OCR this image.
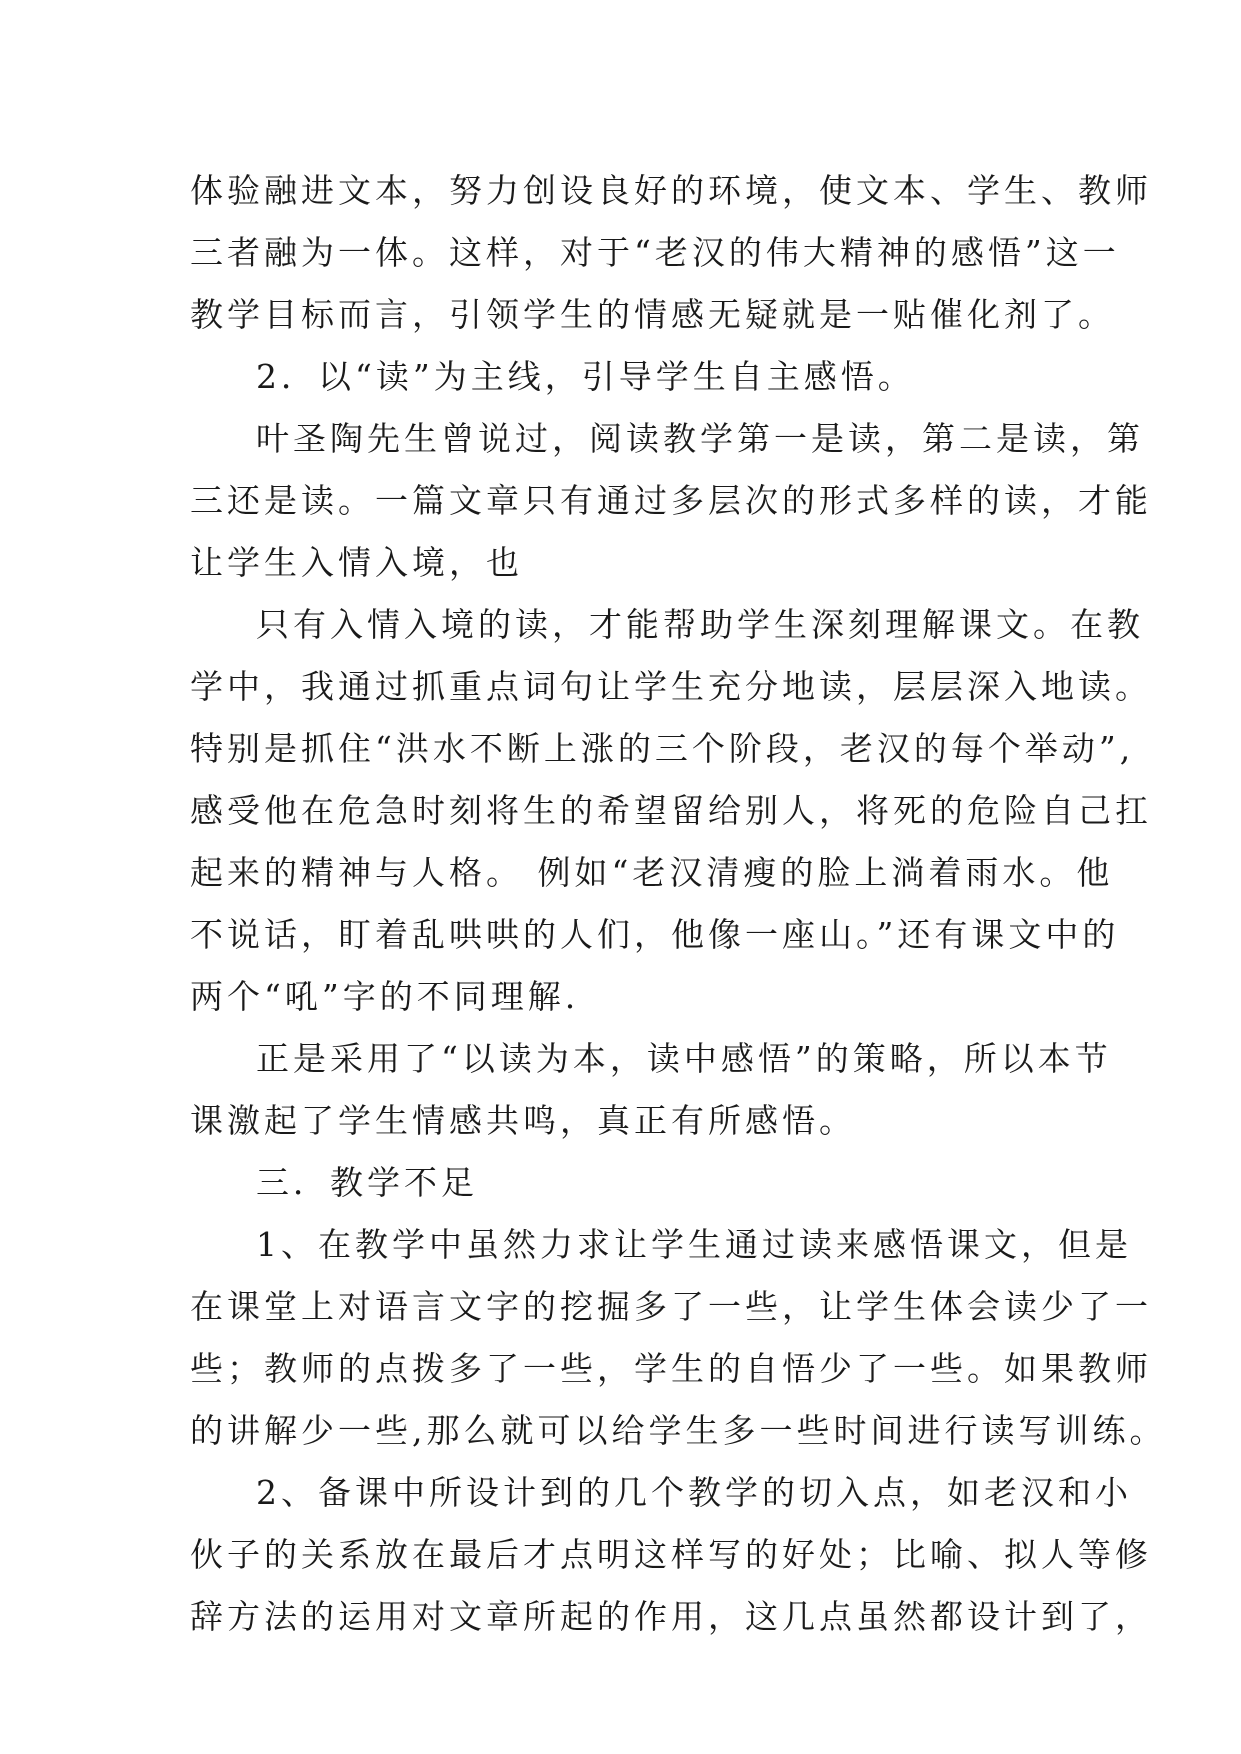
体验融进文本，努力创设良好的环境，使文本、学生、教师
三者融为一体。这样，对于“老汉的伟大精神的感悟”这一
教学目标而言，引领学生的情感无疑就是一贴催化剂了。
2．以“读”为主线，引导学生自主感悟。
叶圣陶先生曾说过，阅读教学第一是读，第二是读，第
三还是读。一篇文章只有通过多层次的形式多样的读，才能
让学生入情入境，也
只有入情入境的读，才能帮助学生深刻理解课文。在教
学中，我通过抓重点词句让学生充分地读，层层深入地读。
特别是抓住“洪水不断上涨的三个阶段，老汉的每个举动”,
感受他在危急时刻将生的希望留给别人，将死的危险自己扛
起来的精神与人格。 例如“老汉清瘦的脸上淌着雨水。他
不说话，盯着乱哄哄的人们，他像一座山。”还有课文中的
两个“吼”字的不同理解.
正是采用了“以读为本，读中感悟”的策略，所以本节
课激起了学生情感共鸣，真正有所感悟。
三．教学不足
1、在教学中虽然力求让学生通过读来感悟课文，但是
在课堂上对语言文字的挖掘多了一些，让学生体会读少了一
些；教师的点拨多了一些，学生的自悟少了一些。如果教师
的讲解少一些,那么就可以给学生多一些时间进行读写训练。
2、备课中所设计到的几个教学的切入点，如老汉和小
伙子的关系放在最后才点明这样写的好处；比喻、拟人等修
辞方法的运用对文章所起的作用，这几点虽然都设计到了，
